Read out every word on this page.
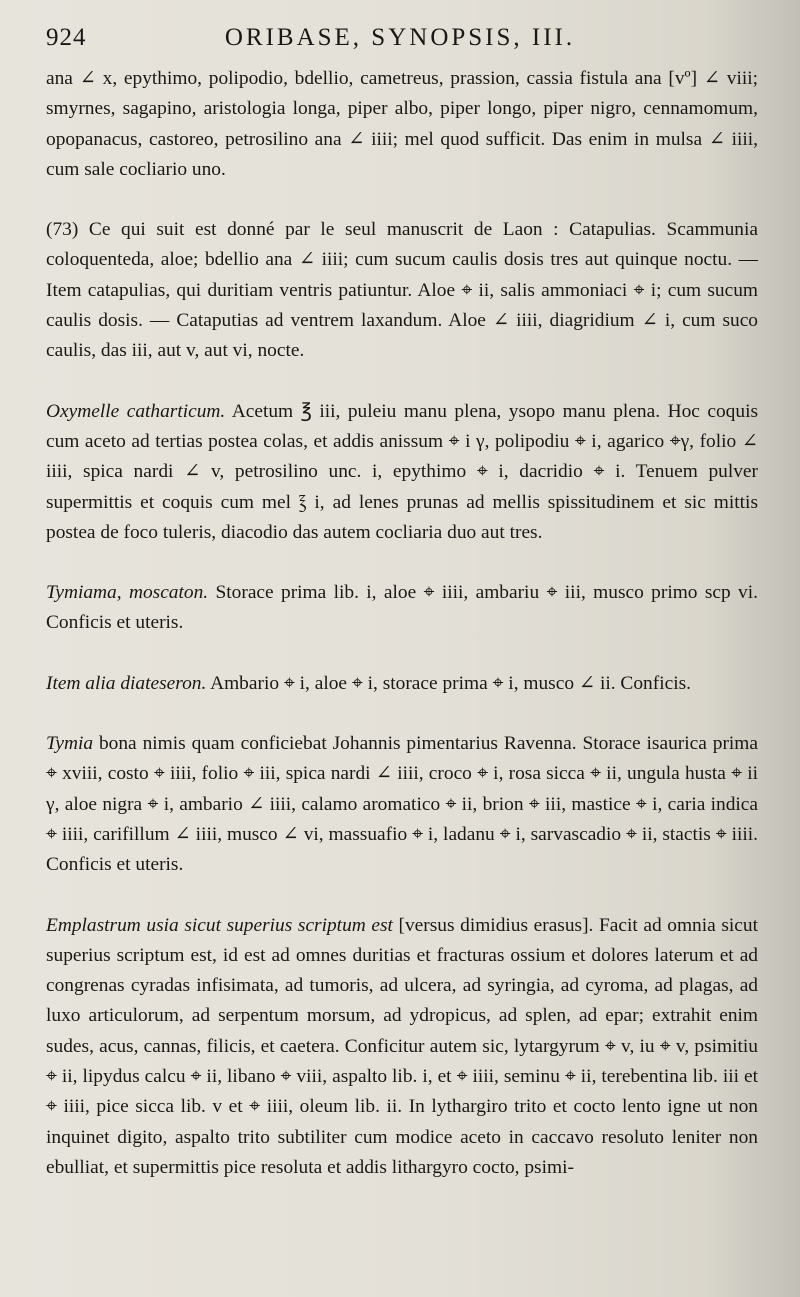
924	ORIBASE, SYNOPSIS, III.

ana ∠ x, epythimo, polipodio, bdellio, cametreus, prassion, cassia fistula ana [vº] ∠ viii; smyrnes, sagapino, aristologia longa, piper albo, piper longo, piper nigro, cennamomum, opopanacus, castoreo, petrosilino ana ∠ iiii; mel quod sufficit. Das enim in mulsa ∠ iiii, cum sale cocliario uno.

(73) Ce qui suit est donné par le seul manuscrit de Laon : Catapulias. Scammunia coloquenteda, aloe; bdellio ana ∠ iiii; cum sucum caulis dosis tres aut quinque noctu. — Item catapulias, qui duritiam ventris patiuntur. Aloe ⌖ ii, salis ammoniaci ⌖ i; cum sucum caulis dosis. — Cataputias ad ventrem laxandum. Aloe ∠ iiii, diagridium ∠ i, cum suco caulis, das iii, aut v, aut vi, nocte.

Oxymelle catharticum. Acetum ℥ iii, puleiu manu plena, ysopo manu plena. Hoc coquis cum aceto ad tertias postea colas, et addis anissum ⌖ i γ, polipodiu ⌖ i, agarico ⌖γ, folio ∠ iiii, spica nardi ∠ v, petrosilino unc. i, epythimo ⌖ i, dacridio ⌖ i. Tenuem pulver supermittis et coquis cum mel ℥ i, ad lenes prunas ad mellis spissitudinem et sic mittis postea de foco tuleris, diacodio das autem cocliaria duo aut tres.

Tymiama, moscaton. Storace prima lib. i, aloe ⌖ iiii, ambariu ⌖ iii, musco primo scp vi. Conficis et uteris.

Item alia diateseron. Ambario ⌖ i, aloe ⌖ i, storace prima ⌖ i, musco ∠ ii. Conficis.

Tymia bona nimis quam conficiebat Johannis pimentarius Ravenna. Storace isaurica prima ⌖ xviii, costo ⌖ iiii, folio ⌖ iii, spica nardi ∠ iiii, croco ⌖ i, rosa sicca ⌖ ii, ungula husta ⌖ ii γ, aloe nigra ⌖ i, ambario ∠ iiii, calamo aromatico ⌖ ii, brion ⌖ iii, mastice ⌖ i, caria indica ⌖ iiii, carifillum ∠ iiii, musco ∠ vi, massuafio ⌖ i, ladanu ⌖ i, sarvascadio ⌖ ii, stactis ⌖ iiii. Conficis et uteris.

Emplastrum usia sicut superius scriptum est [versus dimidius erasus]. Facit ad omnia sicut superius scriptum est, id est ad omnes duritias et fracturas ossium et dolores laterum et ad congrenas cyradas infisimata, ad tumoris, ad ulcera, ad syringia, ad cyroma, ad plagas, ad luxo articulorum, ad serpentum morsum, ad ydropicus, ad splen, ad epar; extrahit enim sudes, acus, cannas, filicis, et caetera. Conficitur autem sic, lytargyrum ⌖ v, iu ⌖ v, psimitiu ⌖ ii, lipydus calcu ⌖ ii, libano ⌖ viii, aspalto lib. i, et ⌖ iiii, seminu ⌖ ii, terebentina lib. iii et ⌖ iiii, pice sicca lib. v et ⌖ iiii, oleum lib. ii. In lythargiro trito et cocto lento igne ut non inquinet digito, aspalto trito subtiliter cum modice aceto in caccavo resoluto leniter non ebulliat, et supermittis pice resoluta et addis lithargyro cocto, psimi-
